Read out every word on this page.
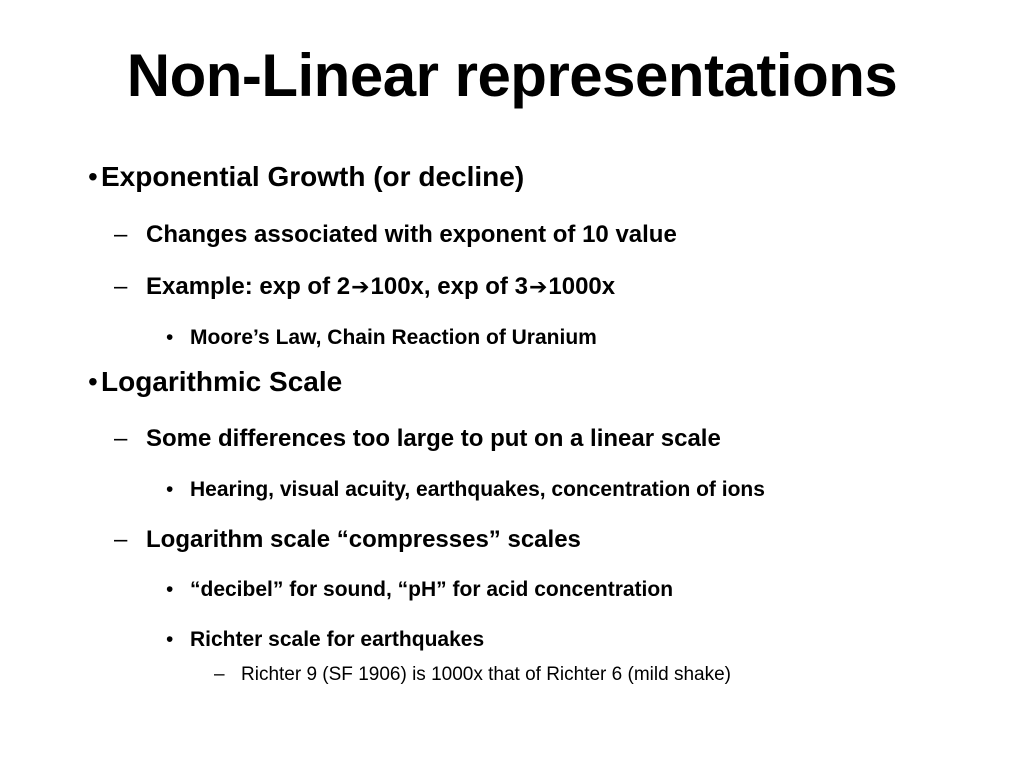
Non-Linear representations
• Exponential Growth (or decline)
– Changes associated with exponent of 10 value
– Example: exp of 2➔100x, exp of 3➔1000x
• Moore’s Law, Chain Reaction of Uranium
• Logarithmic Scale
– Some differences too large to put on a linear scale
• Hearing, visual acuity, earthquakes, concentration of ions
– Logarithm scale “compresses” scales
• “decibel” for sound, “pH” for acid concentration
• Richter scale for earthquakes
– Richter 9 (SF 1906) is 1000x that of Richter 6 (mild shake)
